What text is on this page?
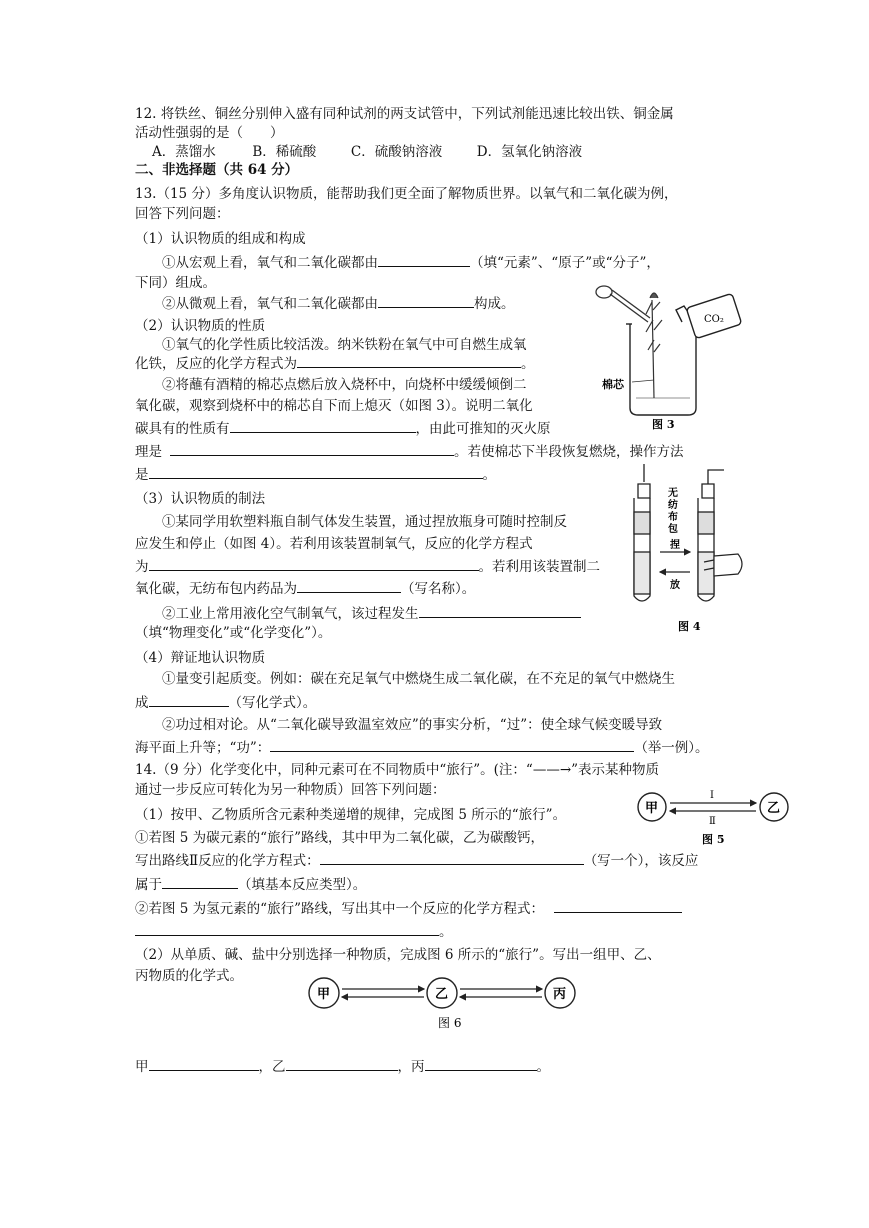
12. 将铁丝、铜丝分别伸入盛有同种试剂的两支试管中，下列试剂能迅速比较出铁、铜金属
活动性强弱的是（　　）
A．蒸馏水	B．稀硫酸	C．硫酸钠溶液	D．氢氧化钠溶液
二、非选择题（共 64 分）
13.（15 分）多角度认识物质，能帮助我们更全面了解物质世界。以氧气和二氧化碳为例，
回答下列问题：
（1）认识物质的组成和构成
①从宏观上看，氧气和二氧化碳都由	（填“元素”、“原子”或“分子”，
下同）组成。
②从微观上看，氧气和二氧化碳都由	构成。
（2）认识物质的性质
①氧气的化学性质比较活泼。纳米铁粉在氧气中可自燃生成氧
化铁，反应的化学方程式为	。
②将蘸有酒精的棉芯点燃后放入烧杯中，向烧杯中缓缓倾倒二
氧化碳，观察到烧杯中的棉芯自下而上熄灭（如图 3）。说明二氧化
碳具有的性质有	，由此可推知的灭火原
理是	。若使棉芯下半段恢复燃烧，操作方法
是	。
（3）认识物质的制法
①某同学用软塑料瓶自制气体发生装置，通过捏放瓶身可随时控制反
应发生和停止（如图 4）。若利用该装置制氧气，反应的化学方程式
为	。若利用该装置制二
氧化碳，无纺布包内药品为	（写名称）。
②工业上常用液化空气制氧气，该过程发生
（填“物理变化”或“化学变化”）。
（4）辩证地认识物质
①量变引起质变。例如：碳在充足氧气中燃烧生成二氧化碳，在不充足的氧气中燃烧生
成	（写化学式）。
②功过相对论。从“二氧化碳导致温室效应”的事实分析，“过”：使全球气候变暖导致
海平面上升等；“功”：	（举一例）。
CO₂
棉芯
图 3
无
纺
布
包
捏
放
图 4
14.（9 分）化学变化中，同种元素可在不同物质中“旅行”。(注：“——→”表示某种物质
通过一步反应可转化为另一种物质）回答下列问题：
（1）按甲、乙物质所含元素种类递增的规律，完成图 5 所示的“旅行”。
①若图 5 为碳元素的“旅行”路线，其中甲为二氧化碳，乙为碳酸钙，
写出路线Ⅱ反应的化学方程式：	（写一个），该反应
属于	（填基本反应类型）。
②若图 5 为氢元素的“旅行”路线，写出其中一个反应的化学方程式：
。
（2）从单质、碱、盐中分别选择一种物质，完成图 6 所示的“旅行”。写出一组甲、乙、
丙物质的化学式。
甲	乙
Ⅰ
Ⅱ
图 5
甲	乙	丙
图 6
甲	，乙	，丙	。
